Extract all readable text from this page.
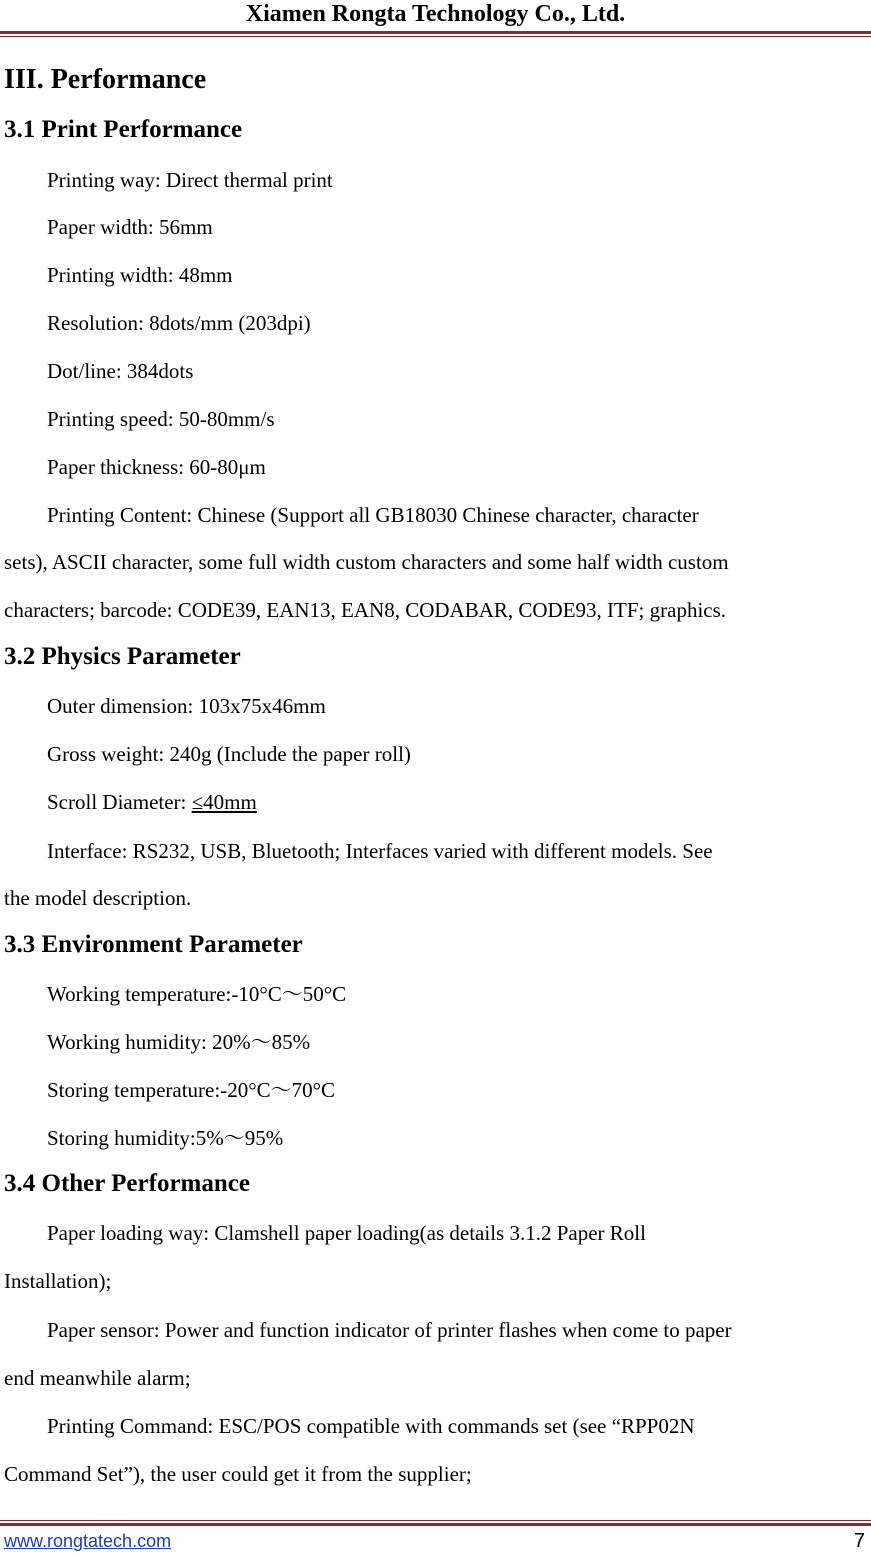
Xiamen Rongta Technology Co., Ltd.
III. Performance
3.1 Print Performance
Printing way: Direct thermal print
Paper width: 56mm
Printing width: 48mm
Resolution: 8dots/mm (203dpi)
Dot/line: 384dots
Printing speed: 50-80mm/s
Paper thickness: 60-80μm
Printing Content: Chinese (Support all GB18030 Chinese character, character
sets), ASCII character, some full width custom characters and some half width custom
characters; barcode: CODE39, EAN13, EAN8, CODABAR, CODE93, ITF; graphics.
3.2 Physics Parameter
Outer dimension: 103x75x46mm
Gross weight: 240g (Include the paper roll)
Scroll Diameter: ≤40mm
Interface: RS232, USB, Bluetooth; Interfaces varied with different models. See
the model description.
3.3 Environment Parameter
Working temperature:-10°C～50°C
Working humidity: 20%～85%
Storing temperature:-20°C～70°C
Storing humidity:5%～95%
3.4 Other Performance
Paper loading way: Clamshell paper loading(as details 3.1.2 Paper Roll
Installation);
Paper sensor: Power and function indicator of printer flashes when come to paper
end meanwhile alarm;
Printing Command: ESC/POS compatible with commands set (see “RPP02N
Command Set”), the user could get it from the supplier;
www.rongtatech.com	7
